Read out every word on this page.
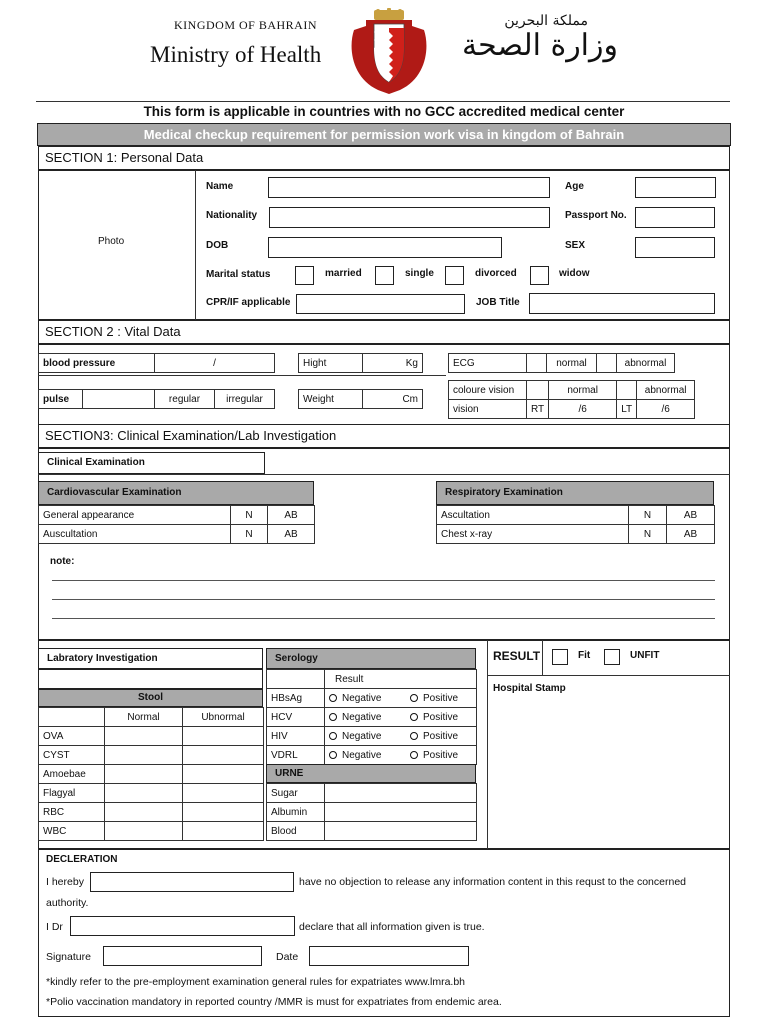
KINGDOM OF BAHRAIN
Ministry of Health
مملكة البحرين
وزارة الصحة
This form is applicable in countries with no GCC accredited medical center
Medical checkup requirement for permission work visa in kingdom of Bahrain
SECTION 1: Personal Data
Photo
Name	Age
Nationality	Passport No.
DOB	SEX
Marital status	married	single	divorced	widow
CPR/IF applicable	JOB Title
SECTION 2 : Vital Data
blood pressure	/	Hight	Kg	ECG		normal		abnormal
pulse		regular	irregular	Weight	Cm
coloure vision		normal		abnormal
vision	RT	/6	LT	/6
SECTION3: Clinical Examination/Lab Investigation
Clinical Examination
Cardiovascular Examination
General appearance	N	AB
Auscultation	N	AB
Respiratory Examination
Ascultation	N	AB
Chest x-ray	N	AB
note:
Labratory Investigation
Stool
	Normal	Ubnormal
OVA		
CYST		
Amoebae		
Flagyal		
RBC		
WBC		
Serology
	Result
HBsAg	Negative Positive
HCV	Negative Positive
HIV	Negative Positive
VDRL	Negative Positive
URNE
Sugar	
Albumin	
Blood	
RESULT	Fit	UNFIT
Hospital Stamp
DECLERATION
I hereby	have no objection to release any information content in this requst to the concerned
authority.
I Dr	declare that all information given is true.
Signature	Date
*kindly refer to the pre-employment examination general rules for expatriates www.lmra.bh
*Polio vaccination mandatory in reported country /MMR is must for expatriates from endemic area.
